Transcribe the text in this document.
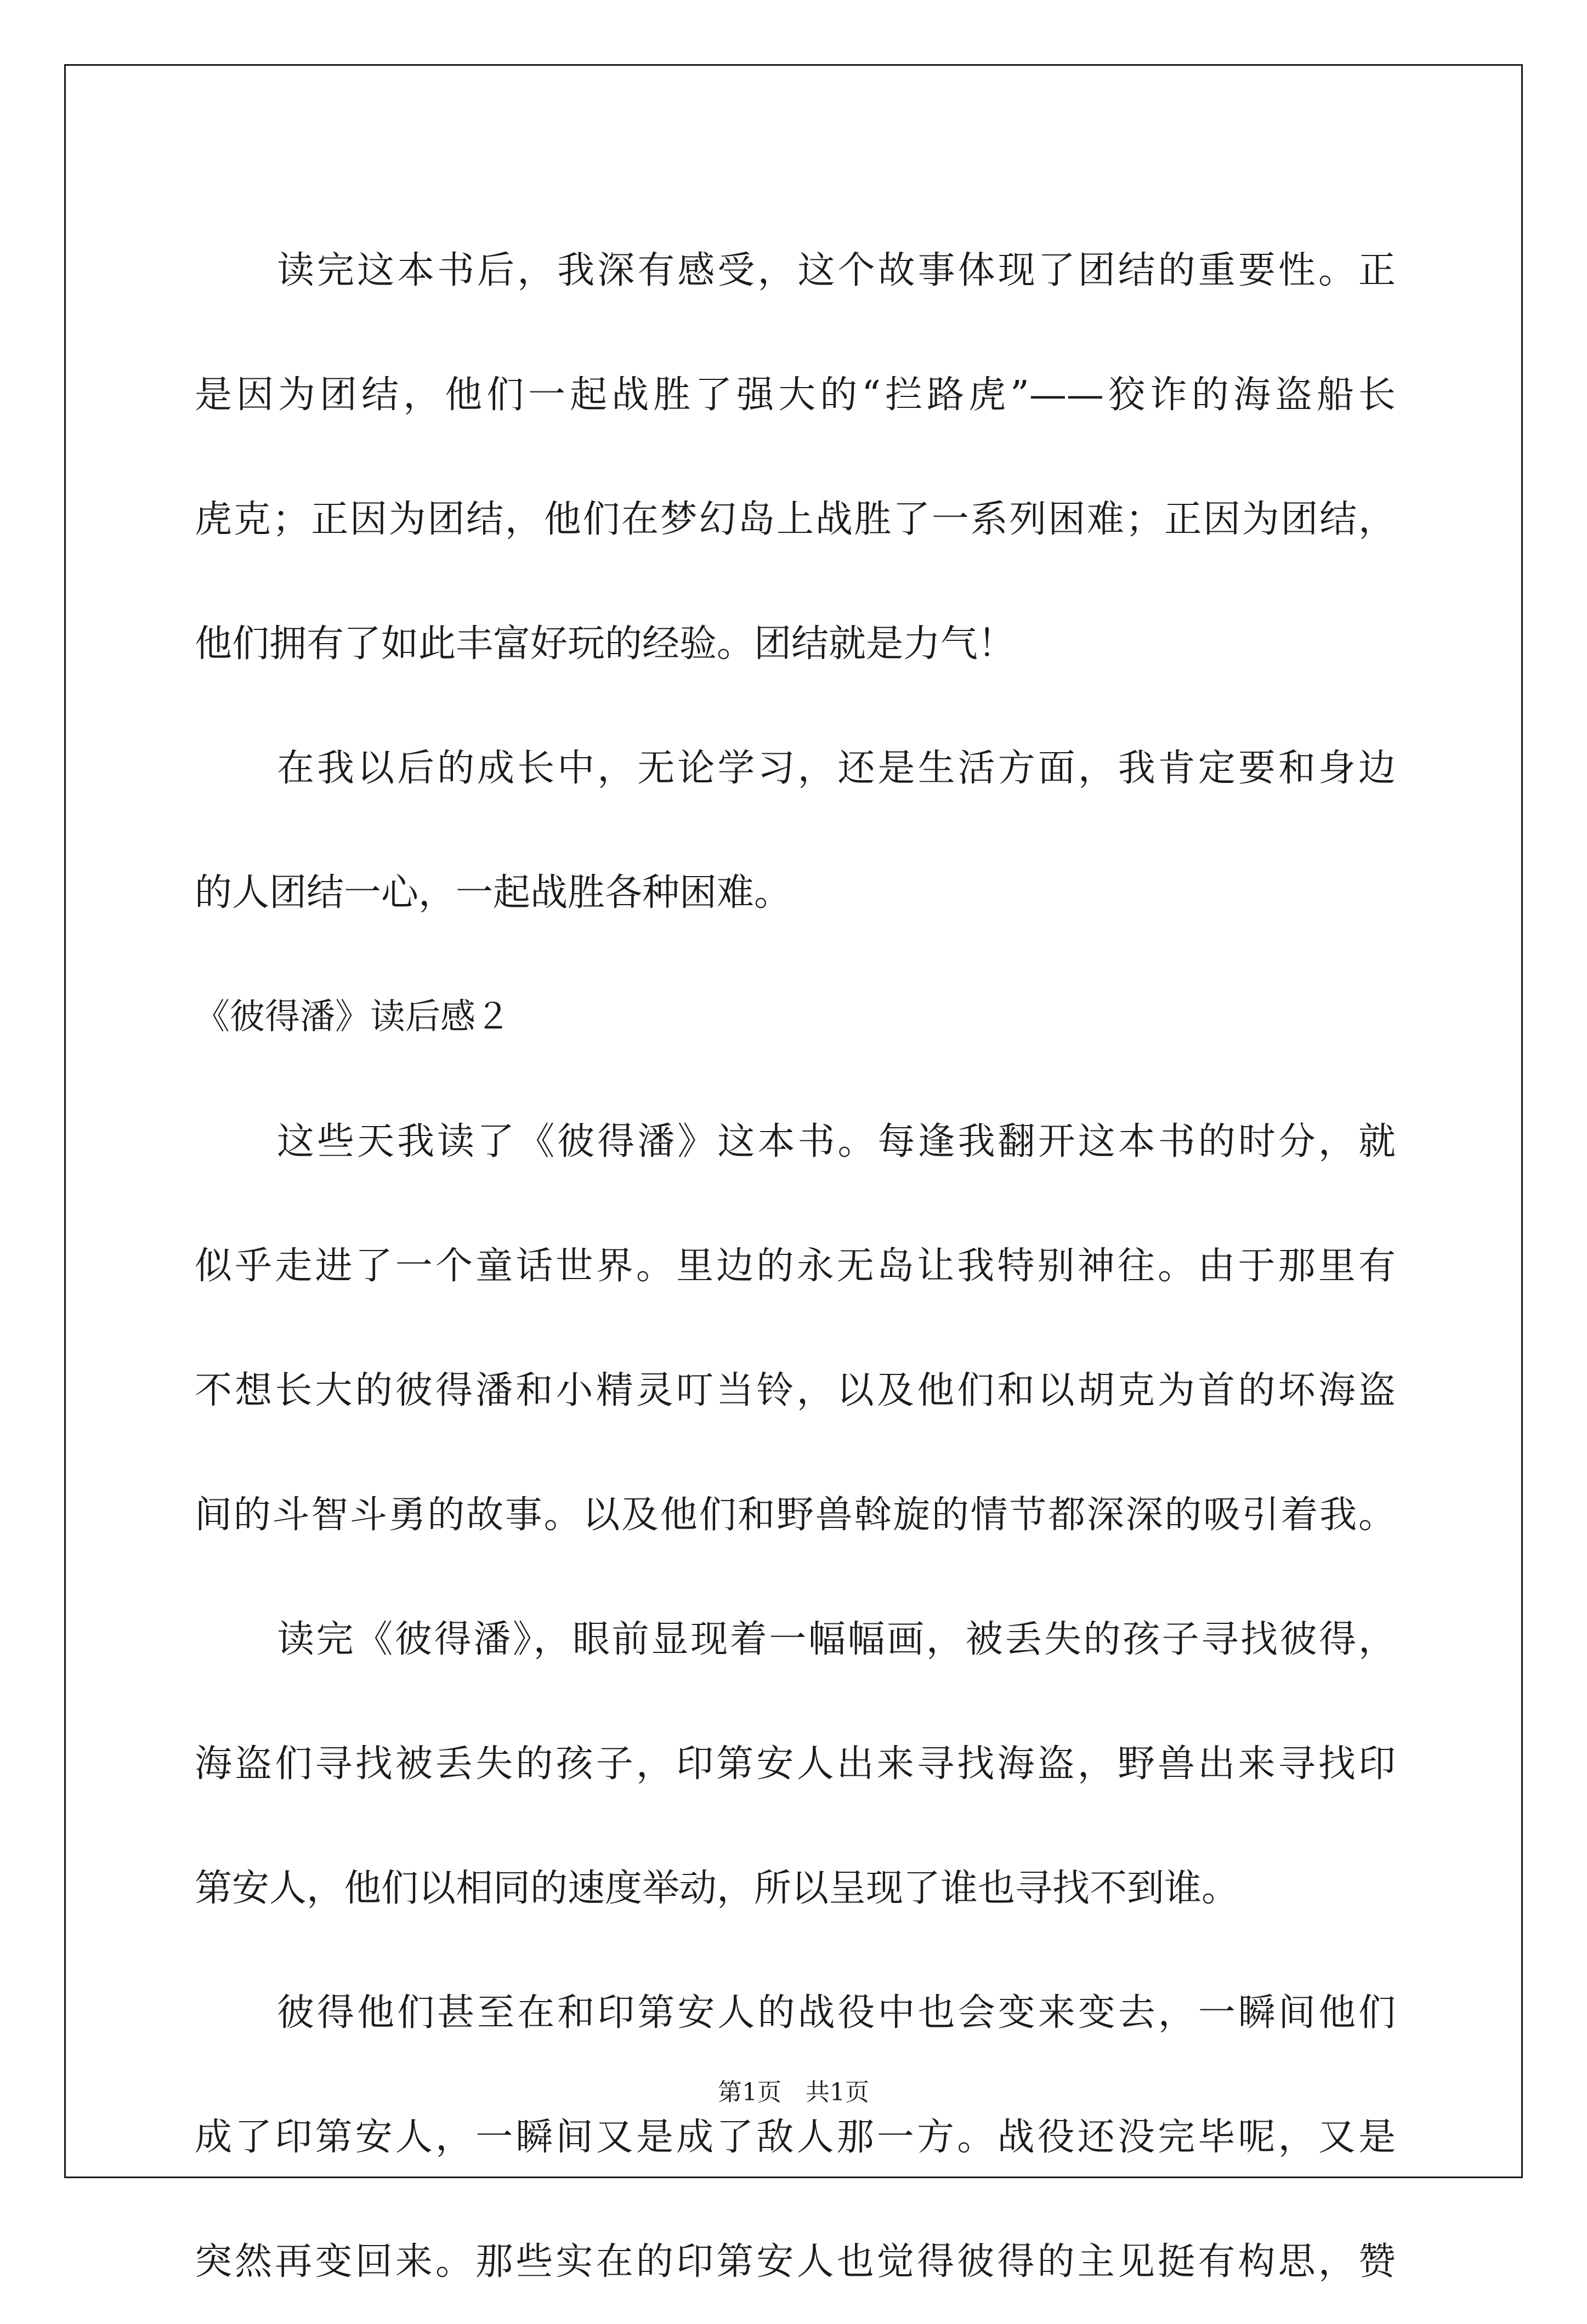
读完这本书后，我深有感受，这个故事体现了团结的重要性。正
是因为团结，他们一起战胜了强大的“拦路虎”——狡诈的海盗船长
虎克；正因为团结，他们在梦幻岛上战胜了一系列困难；正因为团结，
他们拥有了如此丰富好玩的经验。团结就是力气！
在我以后的成长中，无论学习，还是生活方面，我肯定要和身边
的人团结一心，一起战胜各种困难。
《彼得潘》读后感２
这些天我读了《彼得潘》这本书。每逢我翻开这本书的时分，就
似乎走进了一个童话世界。里边的永无岛让我特别神往。由于那里有
不想长大的彼得潘和小精灵叮当铃，以及他们和以胡克为首的坏海盗
间的斗智斗勇的故事。以及他们和野兽斡旋的情节都深深的吸引着我。
读完《彼得潘》，眼前显现着一幅幅画，被丢失的孩子寻找彼得，
海盗们寻找被丢失的孩子，印第安人出来寻找海盗，野兽出来寻找印
第安人，他们以相同的速度举动，所以呈现了谁也寻找不到谁。
彼得他们甚至在和印第安人的战役中也会变来变去，一瞬间他们
成了印第安人，一瞬间又是成了敌人那一方。战役还没完毕呢，又是
突然再变回来。那些实在的印第安人也觉得彼得的主见挺有构思，赞
第1页　共1页
